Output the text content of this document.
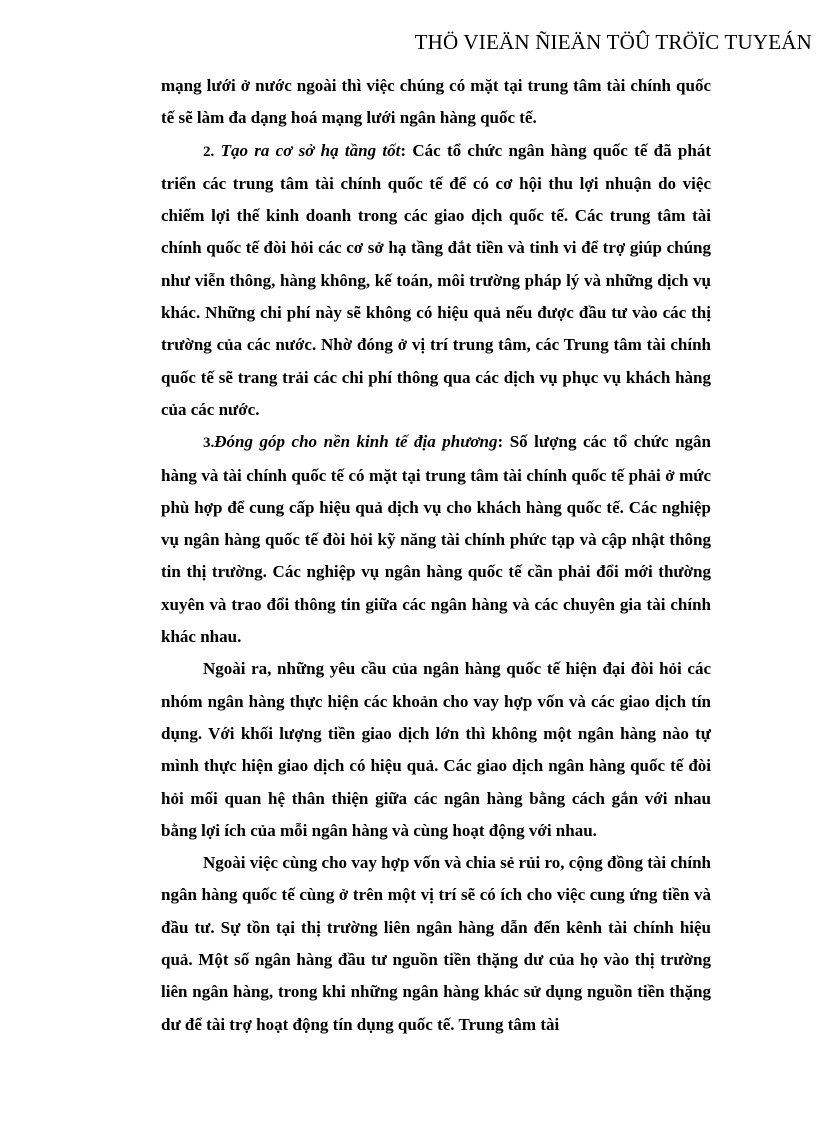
THÖ VIEÄN ÑIEÄN TÖÛ TRÖÏC TUYEÁN

mạng lưới ở nước ngoài thì việc chúng có mặt tại trung tâm tài chính quốc tế sẽ làm đa dạng hoá mạng lưới ngân hàng quốc tế.

2. Tạo ra cơ sở hạ tầng tốt: Các tổ chức ngân hàng quốc tế đã phát triển các trung tâm tài chính quốc tế để có cơ hội thu lợi nhuận do việc chiếm lợi thế kinh doanh trong các giao dịch quốc tế. Các trung tâm tài chính quốc tế đòi hỏi các cơ sở hạ tầng đắt tiền và tinh vi để trợ giúp chúng như viễn thông, hàng không, kế toán, môi trường pháp lý và những dịch vụ khác. Những chi phí này sẽ không có hiệu quả nếu được đầu tư vào các thị trường của các nước. Nhờ đóng ở vị trí trung tâm, các Trung tâm tài chính quốc tế sẽ trang trải các chi phí thông qua các dịch vụ phục vụ khách hàng của các nước.

3.Đóng góp cho nền kinh tế địa phương: Số lượng các tổ chức ngân hàng và tài chính quốc tế có mặt tại trung tâm tài chính quốc tế phải ở mức phù hợp để cung cấp hiệu quả dịch vụ cho khách hàng quốc tế. Các nghiệp vụ ngân hàng quốc tế đòi hỏi kỹ năng tài chính phức tạp và cập nhật thông tin thị trường. Các nghiệp vụ ngân hàng quốc tế cần phải đổi mới thường xuyên và trao đổi thông tin giữa các ngân hàng và các chuyên gia tài chính khác nhau.

Ngoài ra, những yêu cầu của ngân hàng quốc tế hiện đại đòi hỏi các nhóm ngân hàng thực hiện các khoản cho vay hợp vốn và các giao dịch tín dụng. Với khối lượng tiền giao dịch lớn thì không một ngân hàng nào tự mình thực hiện giao dịch có hiệu quả. Các giao dịch ngân hàng quốc tế đòi hỏi mối quan hệ thân thiện giữa các ngân hàng bằng cách gắn với nhau bằng lợi ích của mỗi ngân hàng và cùng hoạt động với nhau.

Ngoài việc cùng cho vay hợp vốn và chia sẻ rủi ro, cộng đồng tài chính ngân hàng quốc tế cùng ở trên một vị trí sẽ có ích cho việc cung ứng tiền và đầu tư. Sự tồn tại thị trường liên ngân hàng dẫn đến kênh tài chính hiệu quả. Một số ngân hàng đầu tư nguồn tiền thặng dư của họ vào thị trường liên ngân hàng, trong khi những ngân hàng khác sử dụng nguồn tiền thặng dư để tài trợ hoạt động tín dụng quốc tế. Trung tâm tài
